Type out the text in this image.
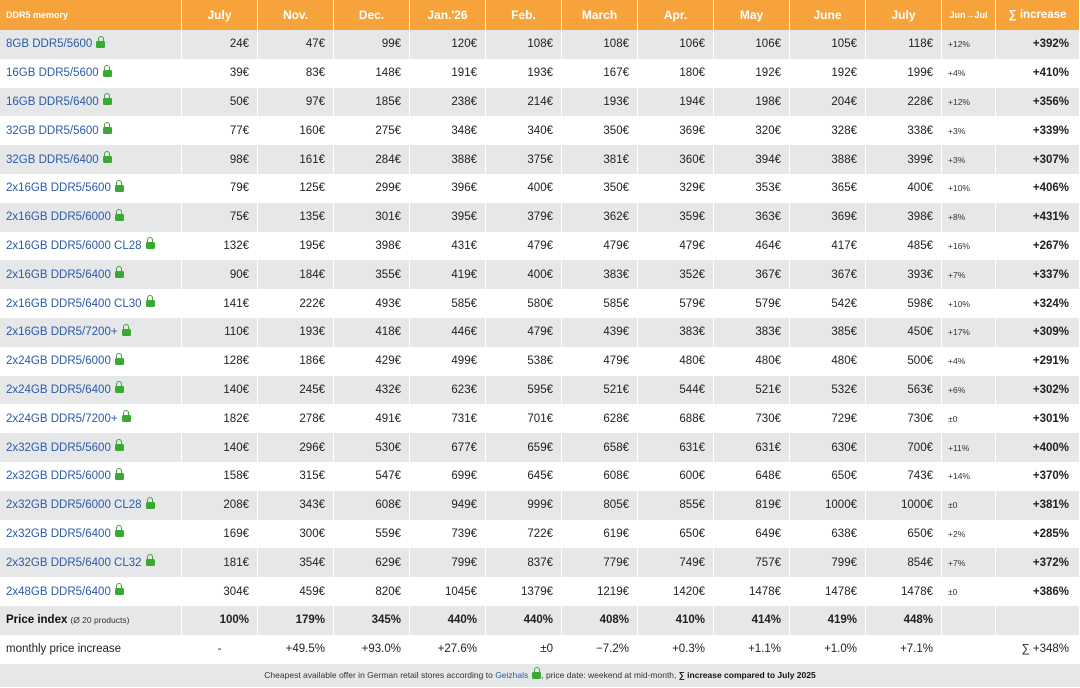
DDR5 memory	July	Nov.	Dec.	Jan.'26	Feb.	March	Apr.	May	June	July	Jun→Jul	∑ increase
8GB DDR5/5600	24€	47€	99€	120€	108€	108€	106€	106€	105€	118€	+12%	+392%
16GB DDR5/5600	39€	83€	148€	191€	193€	167€	180€	192€	192€	199€	+4%	+410%
16GB DDR5/6400	50€	97€	185€	238€	214€	193€	194€	198€	204€	228€	+12%	+356%
32GB DDR5/5600	77€	160€	275€	348€	340€	350€	369€	320€	328€	338€	+3%	+339%
32GB DDR5/6400	98€	161€	284€	388€	375€	381€	360€	394€	388€	399€	+3%	+307%
2x16GB DDR5/5600	79€	125€	299€	396€	400€	350€	329€	353€	365€	400€	+10%	+406%
2x16GB DDR5/6000	75€	135€	301€	395€	379€	362€	359€	363€	369€	398€	+8%	+431%
2x16GB DDR5/6000 CL28	132€	195€	398€	431€	479€	479€	479€	464€	417€	485€	+16%	+267%
2x16GB DDR5/6400	90€	184€	355€	419€	400€	383€	352€	367€	367€	393€	+7%	+337%
2x16GB DDR5/6400 CL30	141€	222€	493€	585€	580€	585€	579€	579€	542€	598€	+10%	+324%
2x16GB DDR5/7200+	110€	193€	418€	446€	479€	439€	383€	383€	385€	450€	+17%	+309%
2x24GB DDR5/6000	128€	186€	429€	499€	538€	479€	480€	480€	480€	500€	+4%	+291%
2x24GB DDR5/6400	140€	245€	432€	623€	595€	521€	544€	521€	532€	563€	+6%	+302%
2x24GB DDR5/7200+	182€	278€	491€	731€	701€	628€	688€	730€	729€	730€	±0	+301%
2x32GB DDR5/5600	140€	296€	530€	677€	659€	658€	631€	631€	630€	700€	+11%	+400%
2x32GB DDR5/6000	158€	315€	547€	699€	645€	608€	600€	648€	650€	743€	+14%	+370%
2x32GB DDR5/6000 CL28	208€	343€	608€	949€	999€	805€	855€	819€	1000€	1000€	±0	+381%
2x32GB DDR5/6400	169€	300€	559€	739€	722€	619€	650€	649€	638€	650€	+2%	+285%
2x32GB DDR5/6400 CL32	181€	354€	629€	799€	837€	779€	749€	757€	799€	854€	+7%	+372%
2x48GB DDR5/6400	304€	459€	820€	1045€	1379€	1219€	1420€	1478€	1478€	1478€	±0	+386%
Price index (Ø 20 products)	100%	179%	345%	440%	440%	408%	410%	414%	419%	448%		
monthly price increase	-	+49.5%	+93.0%	+27.6%	±0	−7.2%	+0.3%	+1.1%	+1.0%	+7.1%		∑ +348%
Cheapest available offer in German retail stores according to Geizhals , price date: weekend at mid-month, ∑ increase compared to July 2025
